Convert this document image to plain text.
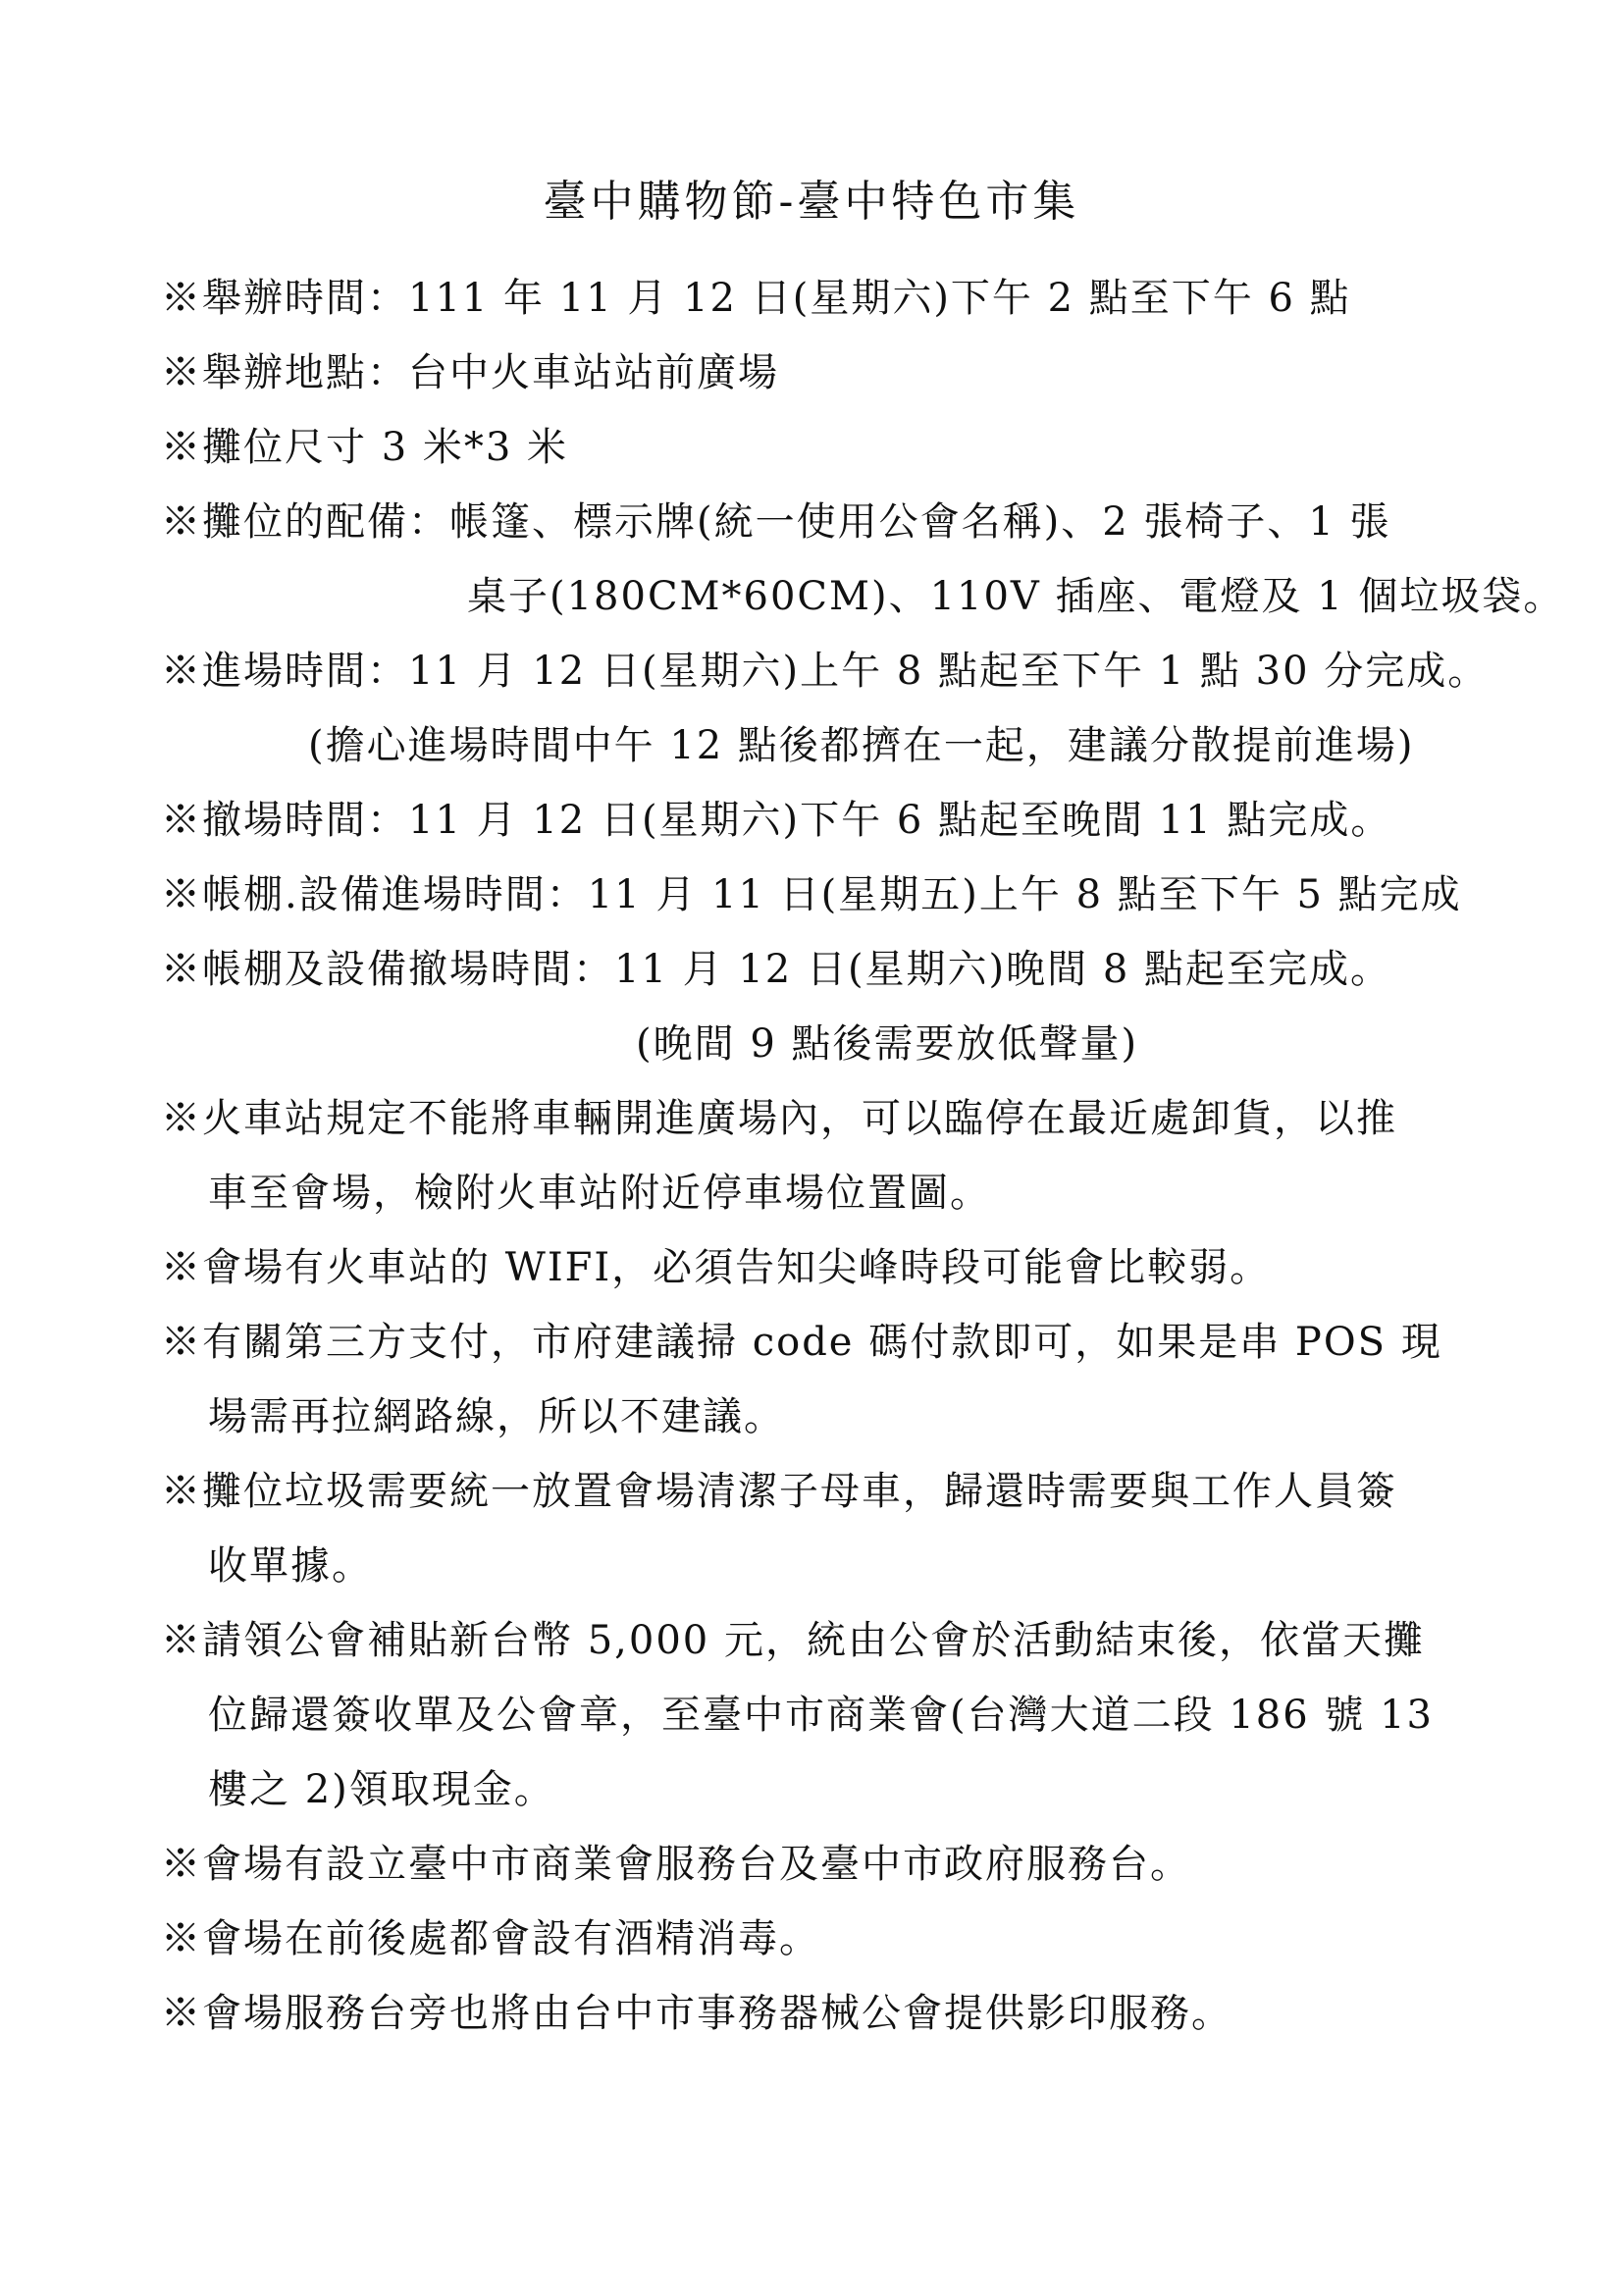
臺中購物節-臺中特色市集
※舉辦時間：111 年 11 月 12 日(星期六)下午 2 點至下午 6 點
※舉辦地點：台中火車站站前廣場
※攤位尺寸 3 米*3 米
※攤位的配備：帳篷、標示牌(統一使用公會名稱)、2 張椅子、1 張
桌子(180CM*60CM)、110V 插座、電燈及 1 個垃圾袋。
※進場時間：11 月 12 日(星期六)上午 8 點起至下午 1 點 30 分完成。
(擔心進場時間中午 12 點後都擠在一起，建議分散提前進場)
※撤場時間：11 月 12 日(星期六)下午 6 點起至晚間 11 點完成。
※帳棚.設備進場時間：11 月 11 日(星期五)上午 8 點至下午 5 點完成
※帳棚及設備撤場時間：11 月 12 日(星期六)晚間 8 點起至完成。
(晚間 9 點後需要放低聲量)
※火車站規定不能將車輛開進廣場內，可以臨停在最近處卸貨，以推
車至會場，檢附火車站附近停車場位置圖。
※會場有火車站的 WIFI，必須告知尖峰時段可能會比較弱。
※有關第三方支付，市府建議掃 code 碼付款即可，如果是串 POS 現
場需再拉網路線，所以不建議。
※攤位垃圾需要統一放置會場清潔子母車，歸還時需要與工作人員簽
收單據。
※請領公會補貼新台幣 5,000 元，統由公會於活動結束後，依當天攤
位歸還簽收單及公會章，至臺中市商業會(台灣大道二段 186 號 13
樓之 2)領取現金。
※會場有設立臺中市商業會服務台及臺中市政府服務台。
※會場在前後處都會設有酒精消毒。
※會場服務台旁也將由台中市事務器械公會提供影印服務。
